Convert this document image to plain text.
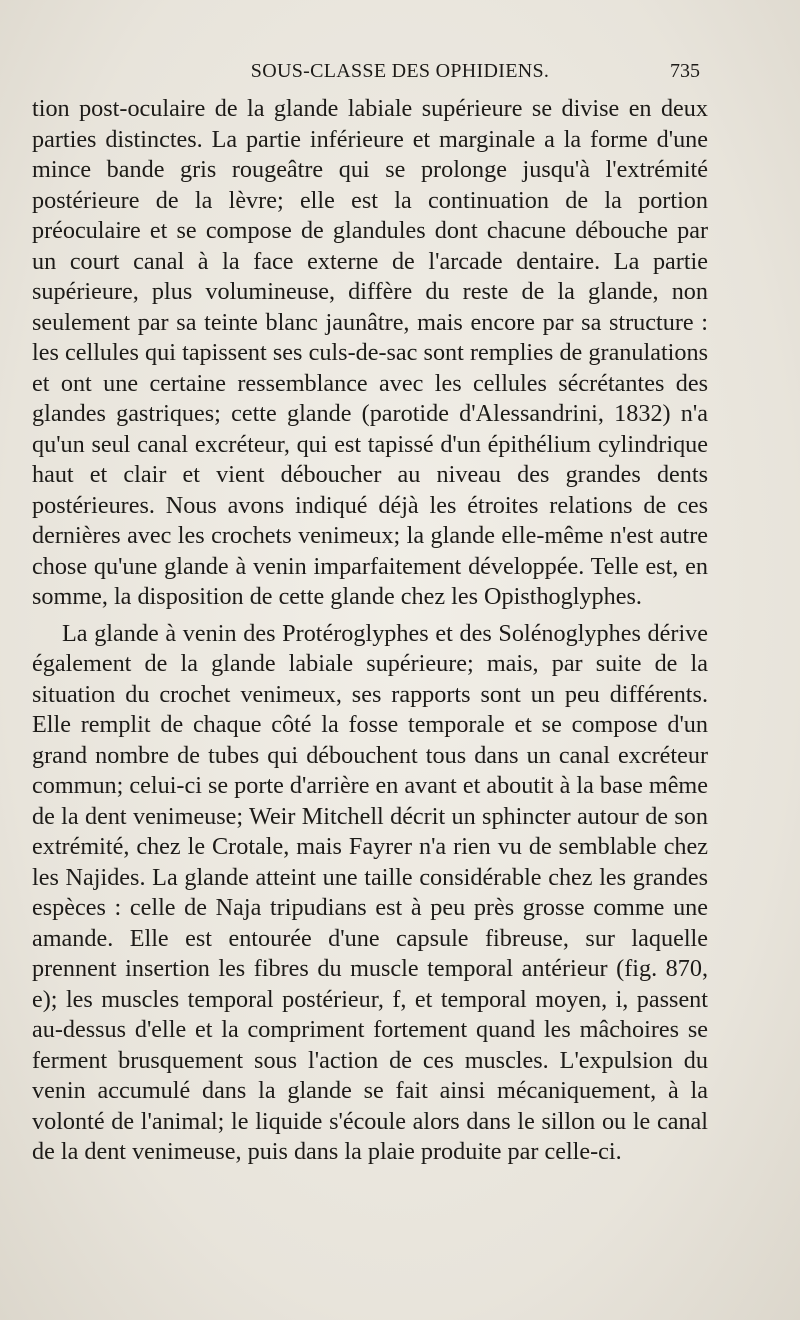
SOUS-CLASSE DES OPHIDIENS.	735

tion post-oculaire de la glande labiale supérieure se divise en deux parties distinctes. La partie inférieure et marginale a la forme d'une mince bande gris rougeâtre qui se prolonge jusqu'à l'extrémité postérieure de la lèvre; elle est la continuation de la portion préoculaire et se compose de glandules dont chacune débouche par un court canal à la face externe de l'arcade dentaire. La partie supérieure, plus volumineuse, diffère du reste de la glande, non seulement par sa teinte blanc jaunâtre, mais encore par sa structure : les cellules qui tapissent ses culs-de-sac sont remplies de granulations et ont une certaine ressemblance avec les cellules sécrétantes des glandes gastriques; cette glande (parotide d'Alessandrini, 1832) n'a qu'un seul canal excréteur, qui est tapissé d'un épithélium cylindrique haut et clair et vient déboucher au niveau des grandes dents postérieures. Nous avons indiqué déjà les étroites relations de ces dernières avec les crochets venimeux; la glande elle-même n'est autre chose qu'une glande à venin imparfaitement développée. Telle est, en somme, la disposition de cette glande chez les Opisthoglyphes.

La glande à venin des Protéroglyphes et des Solénoglyphes dérive également de la glande labiale supérieure; mais, par suite de la situation du crochet venimeux, ses rapports sont un peu différents. Elle remplit de chaque côté la fosse temporale et se compose d'un grand nombre de tubes qui débouchent tous dans un canal excréteur commun; celui-ci se porte d'arrière en avant et aboutit à la base même de la dent venimeuse; Weir Mitchell décrit un sphincter autour de son extrémité, chez le Crotale, mais Fayrer n'a rien vu de semblable chez les Najides. La glande atteint une taille considérable chez les grandes espèces : celle de Naja tripudians est à peu près grosse comme une amande. Elle est entourée d'une capsule fibreuse, sur laquelle prennent insertion les fibres du muscle temporal antérieur (fig. 870, e); les muscles temporal postérieur, f, et temporal moyen, i, passent au-dessus d'elle et la compriment fortement quand les mâchoires se ferment brusquement sous l'action de ces muscles. L'expulsion du venin accumulé dans la glande se fait ainsi mécaniquement, à la volonté de l'animal; le liquide s'écoule alors dans le sillon ou le canal de la dent venimeuse, puis dans la plaie produite par celle-ci.
